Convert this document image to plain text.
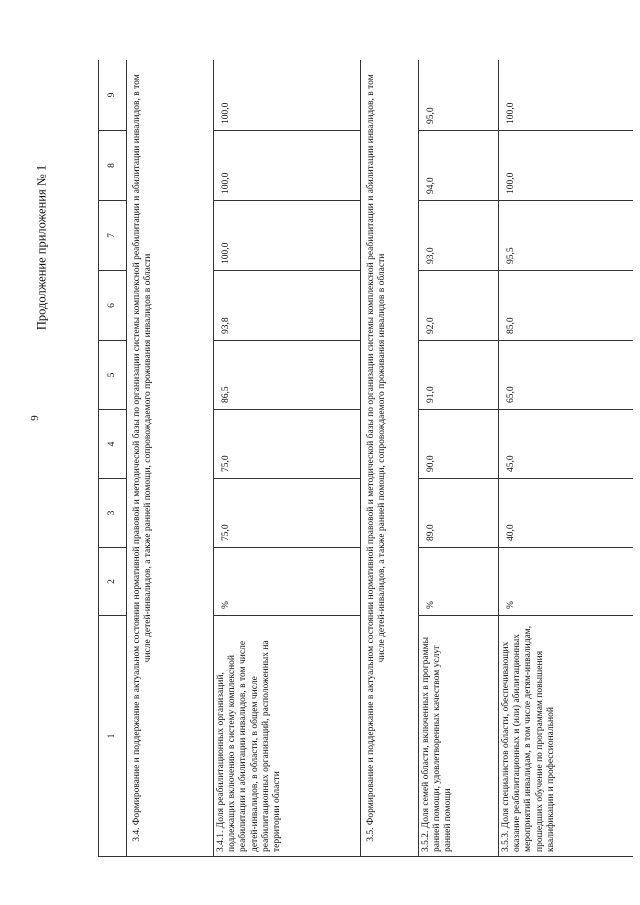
9
Продолжение приложения № 1
1	2	3	4	5	6	7	8	9
3.4. Формирование и поддержание в актуальном состоянии нормативной правовой и методической базы по организации системы комплексной реабилитации и абилитации инвалидов, в том числе детей-инвалидов, а также ранней помощи, сопровождаемого проживания инвалидов в области								
3.4.1. Доля реабилитационных организаций, подлежащих включению в систему комплексной реабилитации и абилитации инвалидов, в том числе детей-инвалидов, в области, в общем числе реабилитационных организаций, расположенных на территории области	%	75,0	75,0	86,5	93,8	100,0	100,0	100,0
3.5. Формирование и поддержание в актуальном состоянии нормативной правовой и методической базы по организации системы комплексной реабилитации и абилитации инвалидов, в том числе детей-инвалидов, а также ранней помощи, сопровождаемого проживания инвалидов в области								
3.5.2. Доля семей области, включенных в программы ранней помощи, удовлетворенных качеством услуг ранней помощи	%	89,0	90,0	91,0	92,0	93,0	94,0	95,0
3.5.3. Доля специалистов области, обеспечивающих оказание реабилитационных и (или) абилитационных мероприятий инвалидам, в том числе детям-инвалидам, прошедших обучение по программам повышения квалификации и профессиональной	%	40,0	45,0	65,0	85,0	95,5	100,0	100,0
